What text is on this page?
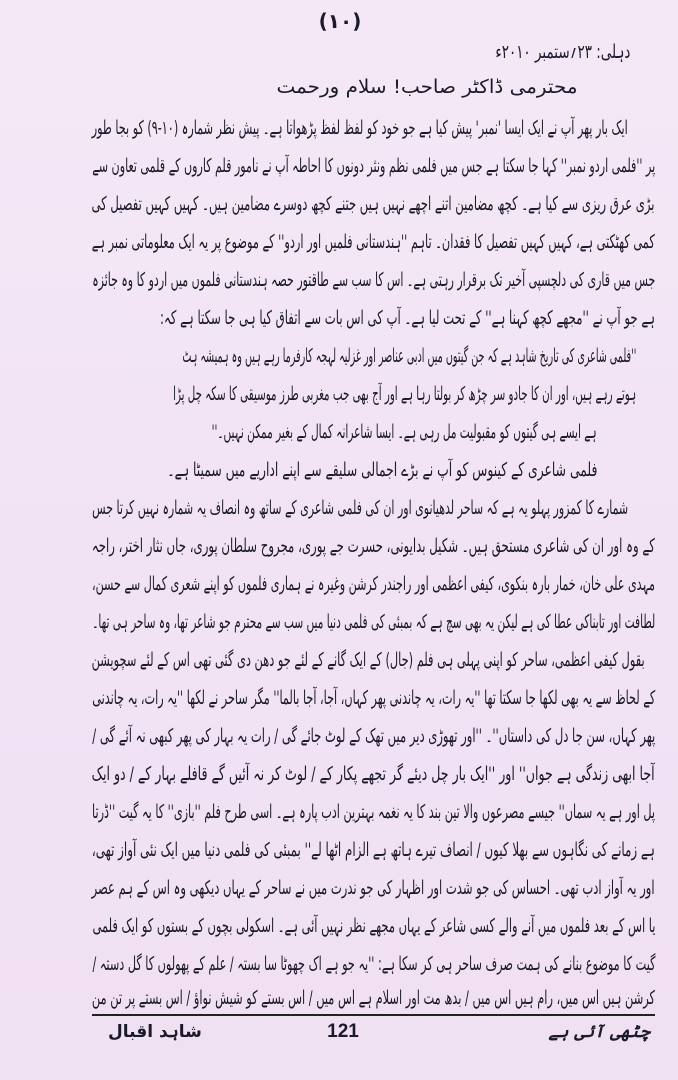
(۱۰)
دہلی: ۲۳؍ستمبر ۲۰۱۰ء
محترمی ڈاکٹر صاحب! سلام ورحمت
ایک بار پھر آپ نے ایک ایسا 'نمبر' پیش کیا ہے جو خود کو لفظ لفظ پڑھواتا ہے۔ پیش نظر شمارہ (۱۰-۹) کو بجا طور
پر ''فلمی اردو نمبر'' کہا جا سکتا ہے جس میں فلمی نظم ونثر دونوں کا احاطہ آپ نے نامور قلم کاروں کے قلمی تعاون سے
بڑی عرق ریزی سے کیا ہے۔ کچھ مضامین اتنے اچھے نہیں ہیں جتنے کچھ دوسرے مضامین ہیں۔ کہیں کہیں تفصیل کی
کمی کھٹکتی ہے، کہیں کہیں تفصیل کا فقدان۔ تاہم ''ہندستانی فلمیں اور اردو'' کے موضوع پر یہ ایک معلوماتی نمبر ہے
جس میں قاری کی دلچسپی آخیر تک برقرار رہتی ہے۔ اس کا سب سے طاقتور حصہ ہندستانی فلموں میں اردو کا وہ جائزہ
ہے جو آپ نے ''مجھے کچھ کہنا ہے'' کے تحت لیا ہے۔ آپ کی اس بات سے اتفاق کیا ہی جا سکتا ہے کہ:
''فلمی شاعری کی تاریخ شاہد ہے کہ جن گیتوں میں ادبی عناصر اور غزلیہ لہجہ کارفرما رہے ہیں وہ ہمیشہ ہٹ
ہوتے رہے ہیں، اور ان کا جادو سر چڑھ کر بولتا رہا ہے اور آج بھی جب مغربی طرز موسیقی کا سکہ چل پڑا
ہے ایسے ہی گیتوں کو مقبولیت مل رہی ہے۔ ایسا شاعرانہ کمال کے بغیر ممکن نہیں۔''
فلمی شاعری کے کینوس کو آپ نے بڑے اجمالی سلیقے سے اپنے اداریے میں سمیٹا ہے۔
شمارے کا کمزور پہلو یہ ہے کہ ساحر لدھیانوی اور ان کی فلمی شاعری کے ساتھ وہ انصاف یہ شمارہ نہیں کرتا جس
کے وہ اور ان کی شاعری مستحق ہیں۔ شکیل بدایونی، حسرت جے پوری، مجروح سلطان پوری، جاں نثار اختر، راجہ
مہدی علی خان، خمار بارہ بنکوی، کیفی اعظمی اور راجندر کرشن وغیرہ نے ہماری فلموں کو اپنے شعری کمال سے حسن،
لطافت اور تابناکی عطا کی ہے لیکن یہ بھی سچ ہے کہ بمبئی کی فلمی دنیا میں سب سے محترم جو شاعر تھا، وہ ساحر ہی تھا۔
بقول کیفی اعظمی، ساحر کو اپنی پہلی ہی فلم (جال) کے ایک گانے کے لئے جو دھن دی گئی تھی اس کے لئے سچویشن
کے لحاظ سے یہ بھی لکھا جا سکتا تھا ''یہ رات، یہ چاندنی پھر کہاں، آجا، آجا بالما'' مگر ساحر نے لکھا ''یہ رات، یہ چاندنی
پھر کہاں، سن جا دل کی داستاں''۔ ''اور تھوڑی دیر میں تھک کے لوٹ جائے گی / رات یہ بہار کی پھر کبھی نہ آئے گی /
آجا ابھی زندگی ہے جواں'' اور ''ایک بار چل دیئے گر تجھے پکار کے / لوٹ کر نہ آئیں گے قافلے بہار کے / دو ایک
پل اور ہے یہ سماں'' جیسے مصرعوں والا تین بند کا یہ نغمہ بہترین ادب پارہ ہے۔ اسی طرح فلم ''بازی'' کا یہ گیت ''ڈرتا
ہے زمانے کی نگاہوں سے بھلا کیوں / انصاف تیرے ہاتھ ہے الزام اٹھا لے'' بمبئی کی فلمی دنیا میں ایک نئی آواز تھی،
اور یہ آواز ادب تھی۔ احساس کی جو شدت اور اظہار کی جو ندرت میں نے ساحر کے یہاں دیکھی وہ اس کے ہم عصر
یا اس کے بعد فلموں میں آنے والے کسی شاعر کے یہاں مجھے نظر نہیں آئی ہے۔ اسکولی بچوں کے بستوں کو ایک فلمی
گیت کا موضوع بنانے کی ہمت صرف ساحر ہی کر سکا ہے: ''یہ جو ہے اک چھوٹا سا بستہ / علم کے پھولوں کا گل دستہ /
کرشن ہیں اس میں، رام ہیں اس میں / بدھ مت اور اسلام ہے اس میں / اس بستے کو شیش نواؤ / اس بستے پر تن من
چٹھی آئی ہے
121
شاہد اقبال
